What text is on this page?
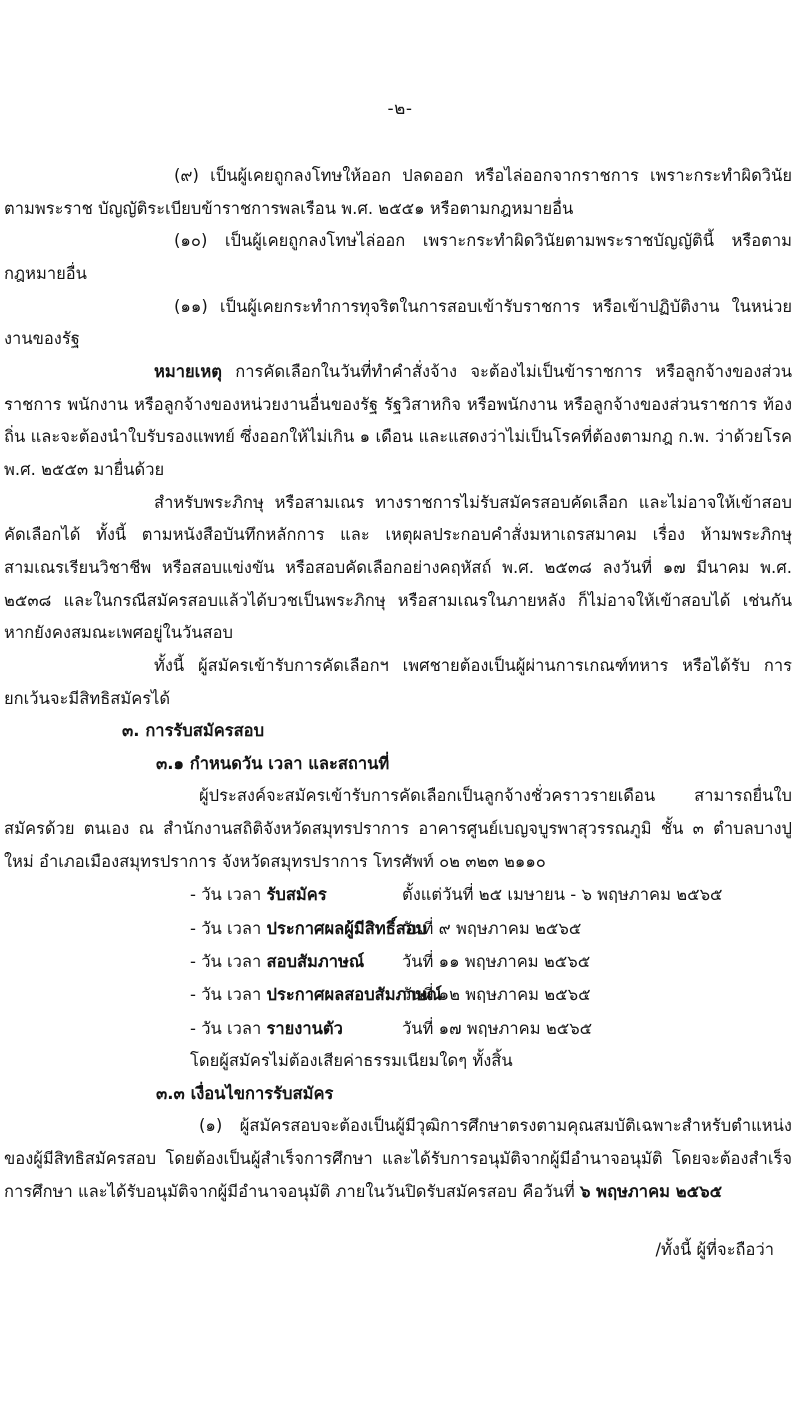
-๒-

(๙) เป็นผู้เคยถูกลงโทษให้ออก ปลดออก หรือไล่ออกจากราชการ เพราะกระทำผิดวินัย ตามพระราช บัญญัติระเบียบข้าราชการพลเรือน พ.ศ. ๒๕๕๑ หรือตามกฎหมายอื่น

(๑๐) เป็นผู้เคยถูกลงโทษไล่ออก เพราะกระทำผิดวินัยตามพระราชบัญญัตินี้ หรือตามกฎหมายอื่น

(๑๑) เป็นผู้เคยกระทำการทุจริตในการสอบเข้ารับราชการ หรือเข้าปฏิบัติงาน ในหน่วยงานของรัฐ

หมายเหตุ การคัดเลือกในวันที่ทำคำสั่งจ้าง จะต้องไม่เป็นข้าราชการ หรือลูกจ้างของส่วน ราชการ พนักงาน หรือลูกจ้างของหน่วยงานอื่นของรัฐ รัฐวิสาหกิจ หรือพนักงาน หรือลูกจ้างของส่วนราชการ ท้องถิ่น และจะต้องนำใบรับรองแพทย์ ซึ่งออกให้ไม่เกิน ๑ เดือน และแสดงว่าไม่เป็นโรคที่ต้องตามกฎ ก.พ. ว่าด้วยโรค พ.ศ. ๒๕๕๓ มายื่นด้วย

สำหรับพระภิกษุ หรือสามเณร ทางราชการไม่รับสมัครสอบคัดเลือก และไม่อาจให้เข้าสอบ คัดเลือกได้ ทั้งนี้ ตามหนังสือบันทึกหลักการ และ เหตุผลประกอบคำสั่งมหาเถรสมาคม เรื่อง ห้ามพระภิกษุ สามเณรเรียนวิชาชีพ หรือสอบแข่งขัน หรือสอบคัดเลือกอย่างคฤหัสถ์ พ.ศ. ๒๕๓๘ ลงวันที่ ๑๗ มีนาคม พ.ศ. ๒๕๓๘ และในกรณีสมัครสอบแล้วได้บวชเป็นพระภิกษุ หรือสามเณรในภายหลัง ก็ไม่อาจให้เข้าสอบได้ เช่นกัน หากยังคงสมณะเพศอยู่ในวันสอบ

ทั้งนี้ ผู้สมัครเข้ารับการคัดเลือกฯ เพศชายต้องเป็นผู้ผ่านการเกณฑ์ทหาร หรือได้รับ การยกเว้นจะมีสิทธิสมัครได้

๓. การรับสมัครสอบ

๓.๑ กำหนดวัน เวลา และสถานที่

ผู้ประสงค์จะสมัครเข้ารับการคัดเลือกเป็นลูกจ้างชั่วคราวรายเดือน สามารถยื่นใบสมัครด้วย ตนเอง ณ สำนักงานสถิติจังหวัดสมุทรปราการ อาคารศูนย์เบญจบูรพาสุวรรณภูมิ ชั้น ๓ ตำบลบางปูใหม่ อำเภอเมืองสมุทรปราการ จังหวัดสมุทรปราการ โทรศัพท์ ๐๒ ๓๒๓ ๒๑๑๐

- วัน เวลา รับสมัคร	ตั้งแต่วันที่ ๒๕ เมษายน - ๖ พฤษภาคม ๒๕๖๕
- วัน เวลา ประกาศผลผู้มีสิทธิ์สอบ
วันที่ ๙ พฤษภาคม ๒๕๖๕
- วัน เวลา สอบสัมภาษณ์	วันที่ ๑๑ พฤษภาคม ๒๕๖๕
- วัน เวลา ประกาศผลสอบสัมภาษณ์
วันที่ ๑๒ พฤษภาคม ๒๕๖๕
- วัน เวลา รายงานตัว	วันที่ ๑๗ พฤษภาคม ๒๕๖๕

โดยผู้สมัครไม่ต้องเสียค่าธรรมเนียมใดๆ ทั้งสิ้น

๓.๓ เงื่อนไขการรับสมัคร

(๑) ผู้สมัครสอบจะต้องเป็นผู้มีวุฒิการศึกษาตรงตามคุณสมบัติเฉพาะสำหรับตำแหน่ง ของผู้มีสิทธิสมัครสอบ โดยต้องเป็นผู้สำเร็จการศึกษา และได้รับการอนุมัติจากผู้มีอำนาจอนุมัติ โดยจะต้องสำเร็จการศึกษา และได้รับอนุมัติจากผู้มีอำนาจอนุมัติ ภายในวันปิดรับสมัครสอบ คือวันที่ ๖ พฤษภาคม ๒๕๖๕

/ทั้งนี้ ผู้ที่จะถือว่า
